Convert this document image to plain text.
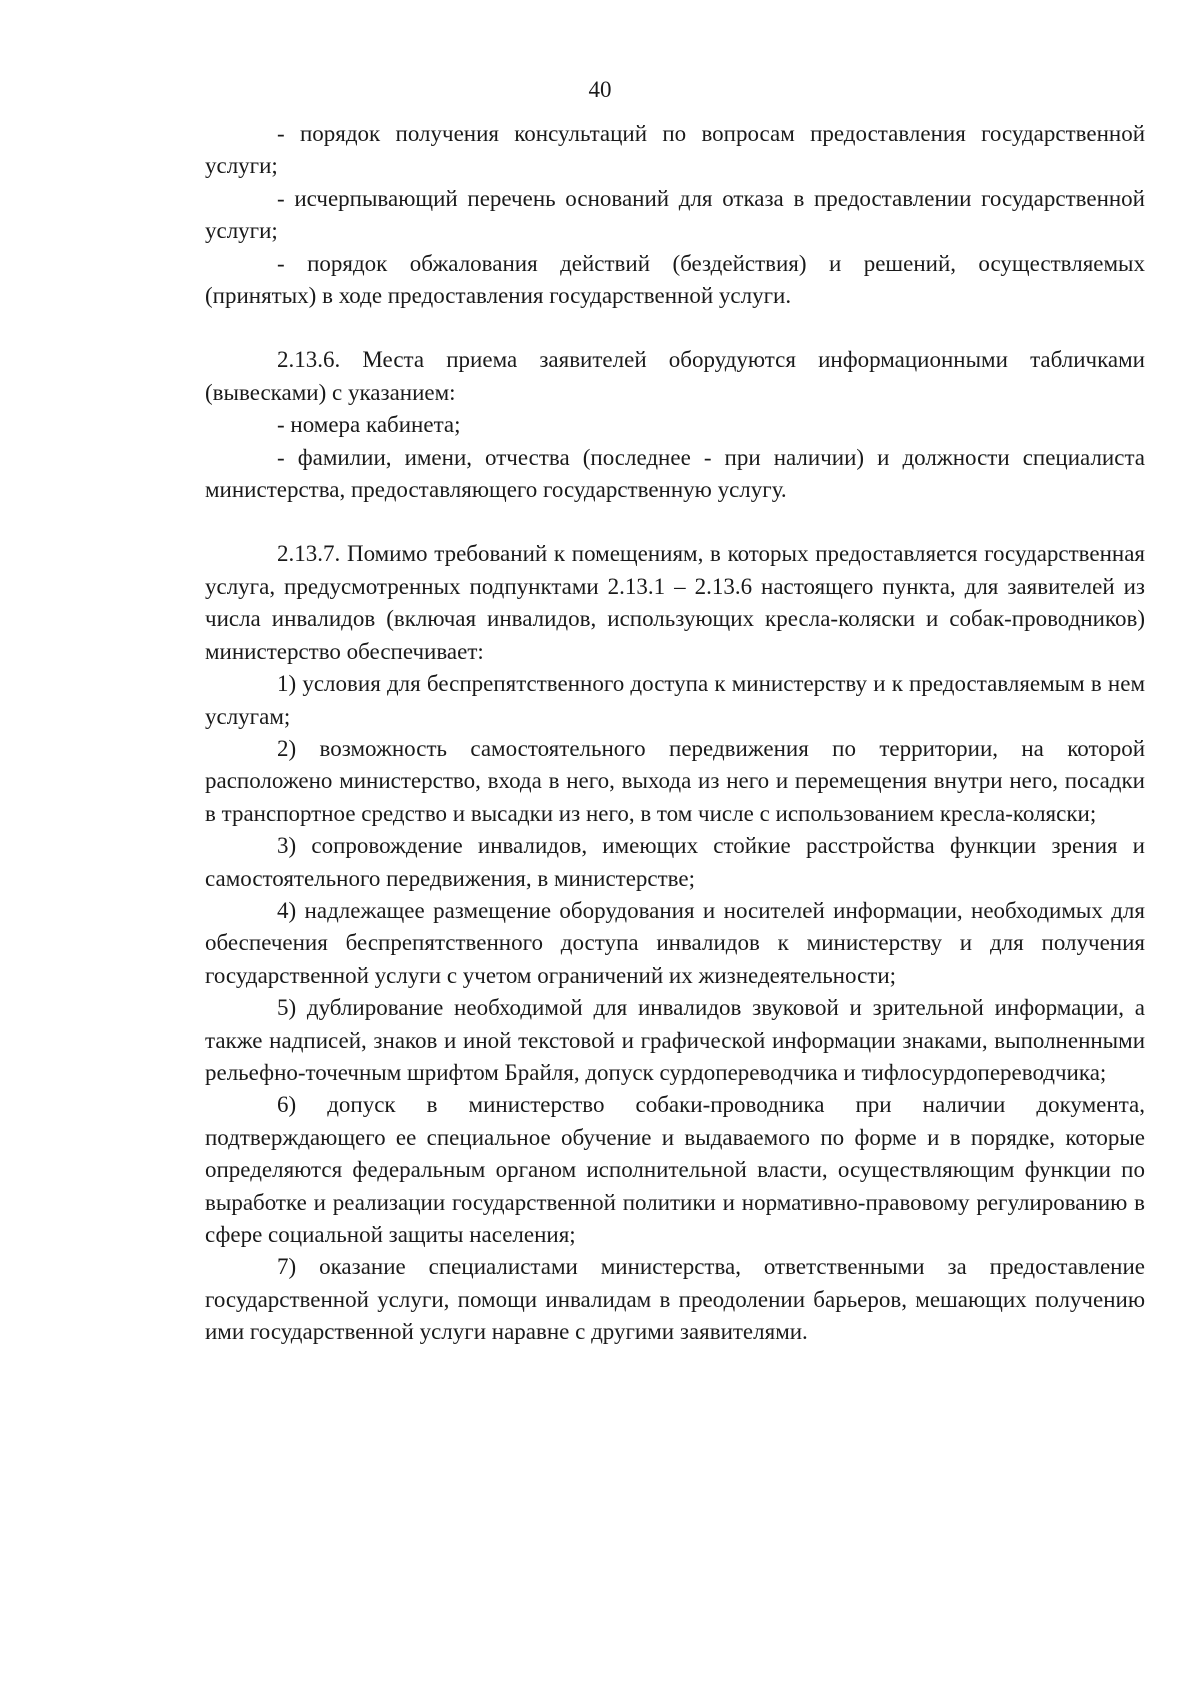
40
- порядок получения консультаций по вопросам предоставления государственной услуги;
- исчерпывающий перечень оснований для отказа в предоставлении государственной услуги;
- порядок обжалования действий (бездействия) и решений, осуществляемых (принятых) в ходе предоставления государственной услуги.
2.13.6. Места приема заявителей оборудуются информационными табличками (вывесками) с указанием:
- номера кабинета;
- фамилии, имени, отчества (последнее - при наличии) и должности специалиста министерства, предоставляющего государственную услугу.
2.13.7. Помимо требований к помещениям, в которых предоставляется государственная услуга, предусмотренных подпунктами 2.13.1 – 2.13.6 настоящего пункта, для заявителей из числа инвалидов (включая инвалидов, использующих кресла-коляски и собак-проводников) министерство обеспечивает:
1) условия для беспрепятственного доступа к министерству и к предоставляемым в нем услугам;
2) возможность самостоятельного передвижения по территории, на которой расположено министерство, входа в него, выхода из него и перемещения внутри него, посадки в транспортное средство и высадки из него, в том числе с использованием кресла-коляски;
3) сопровождение инвалидов, имеющих стойкие расстройства функции зрения и самостоятельного передвижения, в министерстве;
4) надлежащее размещение оборудования и носителей информации, необходимых для обеспечения беспрепятственного доступа инвалидов к министерству и для получения государственной услуги с учетом ограничений их жизнедеятельности;
5) дублирование необходимой для инвалидов звуковой и зрительной информации, а также надписей, знаков и иной текстовой и графической информации знаками, выполненными рельефно-точечным шрифтом Брайля, допуск сурдопереводчика и тифлосурдопереводчика;
6) допуск в министерство собаки-проводника при наличии документа, подтверждающего ее специальное обучение и выдаваемого по форме и в порядке, которые определяются федеральным органом исполнительной власти, осуществляющим функции по выработке и реализации государственной политики и нормативно-правовому регулированию в сфере социальной защиты населения;
7) оказание специалистами министерства, ответственными за предоставление государственной услуги, помощи инвалидам в преодолении барьеров, мешающих получению ими государственной услуги наравне с другими заявителями.
